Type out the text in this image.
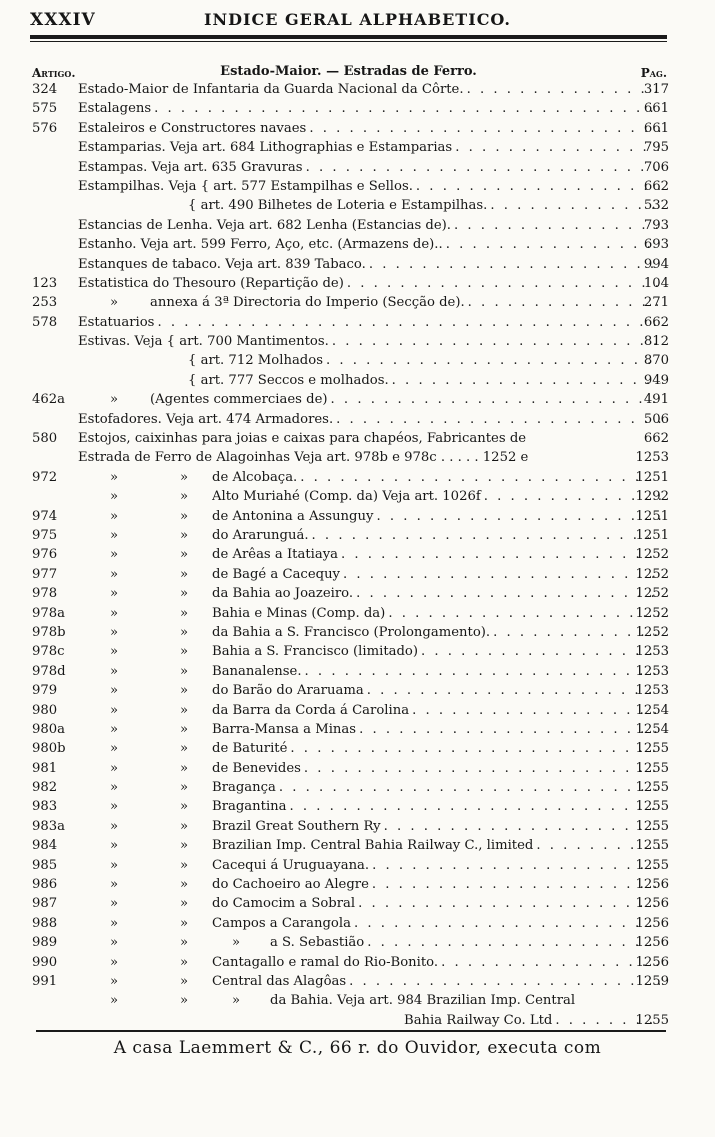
XXXIV	INDICE GERAL ALPHABETICO.
Artigo.	Estado-Maior. — Estradas de Ferro.	Pag.
324	Estado-Maior de Infantaria da Guarda Nacional da Côrte. . . .	317
575	Estalagens . . .	661
576	Estaleiros e Constructores navaes . . .	661
Estamparias. Veja art. 684 Lithographias e Estamparias . . .	795
Estampas. Veja art. 635 Gravuras . . .	706
Estampilhas. Veja { art. 577 Estampilhas e Sellos. . . .	662
{ art. 490 Bilhetes de Loteria e Estampilhas. . . .	532
Estancias de Lenha. Veja art. 682 Lenha (Estancias de). . . .	793
Estanho. Veja art. 599 Ferro, Aço, etc. (Armazens de).. . . .	693
Estanques de tabaco. Veja art. 839 Tabaco. . . .	994
123	Estatistica do Thesouro (Repartição de) . . .	104
253	» annexa á 3ª Directoria do Imperio (Secção de). . . .	271
578	Estatuarios . . .	662
Estivas. Veja { art. 700 Mantimentos. . . .	812
{ art. 712 Molhados . . .	870
{ art. 777 Seccos e molhados. . . .	949
462a	» (Agentes commerciaes de) . . .	491
Estofadores. Veja art. 474 Armadores. . . .	506
580	Estojos, caixinhas para joias e caixas para chapéos, Fabricantes de	662
Estrada de Ferro de Alagoinhas Veja art. 978b e 978c . . . . . 1252 e	1253
972	»	» de Alcobaça. . . .	1251
»	» Alto Muriahé (Comp. da) Veja art. 1026f . . .	1292
974	»	» de Antonina a Assunguy . . .	1251
975	»	» do Ararunguá. . . .	1251
976	»	» de Arêas a Itatiaya . . .	1252
977	»	» de Bagé a Cacequy . . .	1252
978	»	» da Bahia ao Joazeiro. . . .	1252
978a	»	» Bahia e Minas (Comp. da) . . .	1252
978b	»	» da Bahia a S. Francisco (Prolongamento). . . .	1252
978c	»	» Bahia a S. Francisco (limitado) . . .	1253
978d	»	» Bananalense. . . .	1253
979	»	» do Barão do Araruama . . .	1253
980	»	» da Barra da Corda á Carolina . . .	1254
980a	»	» Barra-Mansa a Minas . . .	1254
980b	»	» de Baturité . . .	1255
981	»	» de Benevides . . .	1255
982	»	» Bragança . . .	1255
983	»	» Bragantina . . .	1255
983a	»	» Brazil Great Southern Ry . . .	1255
984	»	» Brazilian Imp. Central Bahia Railway C., limited . . .	1255
985	»	» Cacequi á Uruguayana. . . .	1255
986	»	» do Cachoeiro ao Alegre . . .	1256
987	»	» do Camocim a Sobral . . .	1256
988	»	» Campos a Carangola . . .	1256
989	»	»	» a S. Sebastião . . .	1256
990	»	» Cantagallo e ramal do Rio-Bonito. . . .	1256
991	»	» Central das Alagôas . . .	1259
»	»	» da Bahia. Veja art. 984 Brazilian Imp. Central
Bahia Railway Co. Ltd . . .	1255
A casa Laemmert & C., 66 r. do Ouvidor, executa com
